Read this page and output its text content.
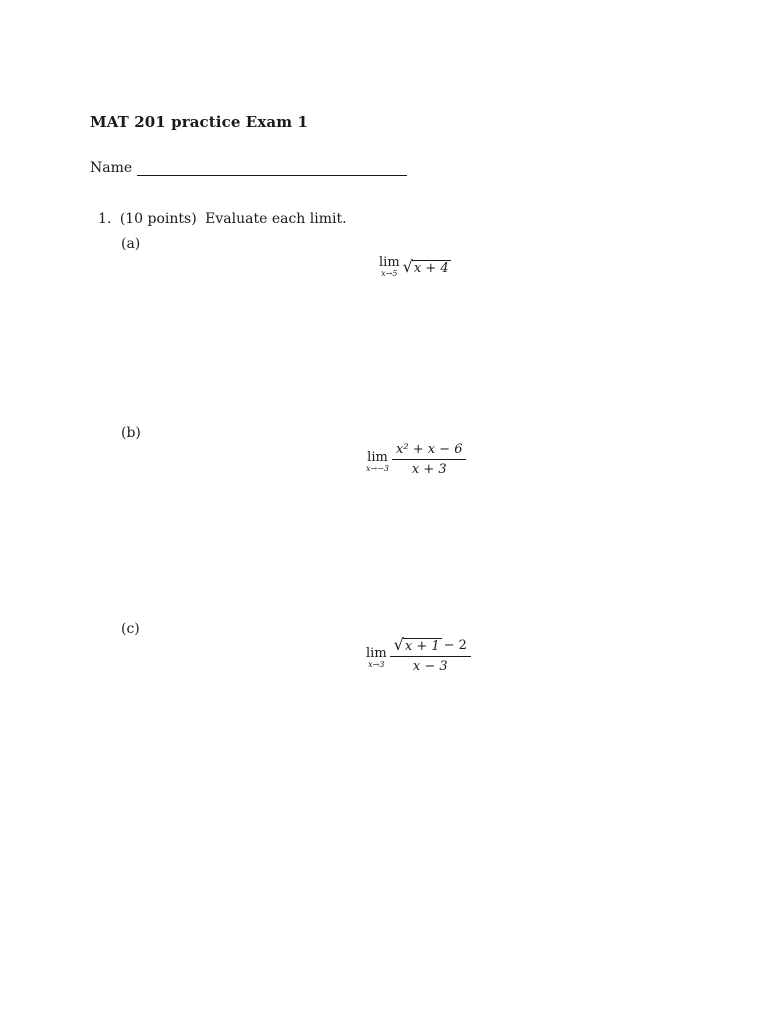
MAT 201 practice Exam 1
Name
1. (10 points) Evaluate each limit.
(a)
lim
x→5 √ x + 4
(b)
lim
$x\to-3 \frac{\text{x² + x − 6}}{x + 3}$
(c)
lim
$x\to 3 \frac{√ x + 1 - 2}{x - 3}$
